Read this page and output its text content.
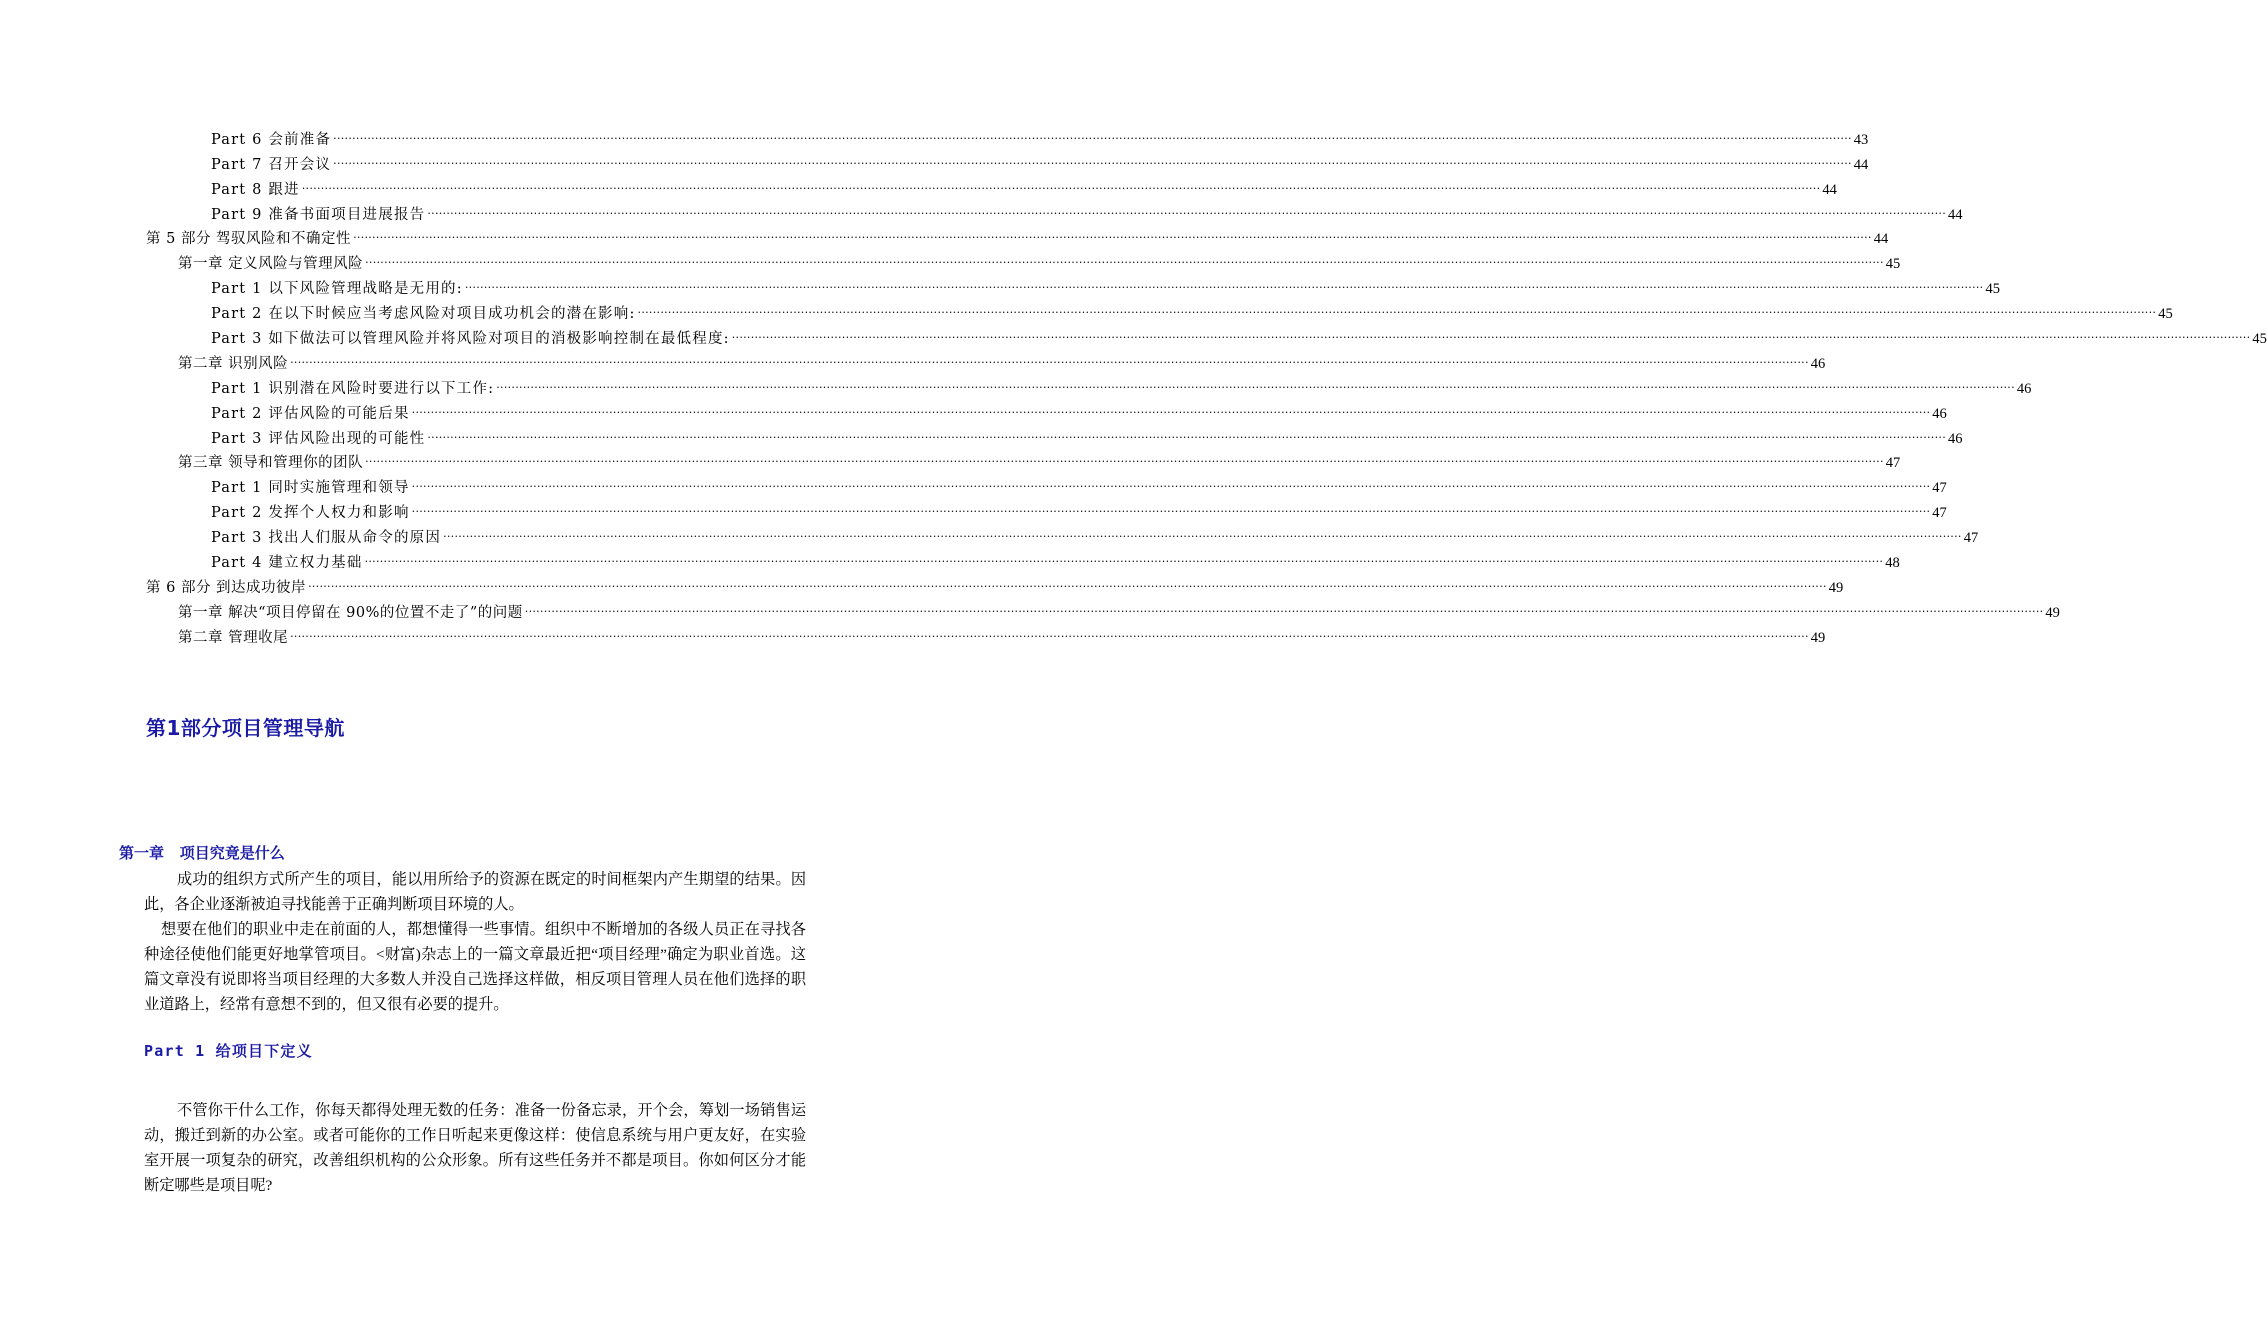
Part 6 会前准备 ................................................................................................................................................................................................................................................................................................................................................................................................................ 43
Part 7 召开会议 ................................................................................................................................................................................................................................................................................................................................................................................................................ 44
Part 8 跟进 ................................................................................................................................................................................................................................................................................................................................................................................................................ 44
Part 9 准备书面项目进展报告 ................................................................................................................................................................................................................................................................................................................................................................................................................ 44
第 5 部分 驾驭风险和不确定性 ................................................................................................................................................................................................................................................................................................................................................................................................................ 44
第一章 定义风险与管理风险 ................................................................................................................................................................................................................................................................................................................................................................................................................ 45
Part 1 以下风险管理战略是无用的: ................................................................................................................................................................................................................................................................................................................................................................................................................ 45
Part 2 在以下时候应当考虑风险对项目成功机会的潜在影响: ................................................................................................................................................................................................................................................................................................................................................................................................................ 45
Part 3 如下做法可以管理风险并将风险对项目的消极影响控制在最低程度: ................................................................................................................................................................................................................................................................................................................................................................................................................ 45
第二章 识别风险 ................................................................................................................................................................................................................................................................................................................................................................................................................ 46
Part 1 识别潜在风险时要进行以下工作: ................................................................................................................................................................................................................................................................................................................................................................................................................ 46
Part 2 评估风险的可能后果 ................................................................................................................................................................................................................................................................................................................................................................................................................ 46
Part 3 评估风险出现的可能性 ................................................................................................................................................................................................................................................................................................................................................................................................................ 46
第三章 领导和管理你的团队 ................................................................................................................................................................................................................................................................................................................................................................................................................ 47
Part 1 同时实施管理和领导 ................................................................................................................................................................................................................................................................................................................................................................................................................ 47
Part 2 发挥个人权力和影响 ................................................................................................................................................................................................................................................................................................................................................................................................................ 47
Part 3 找出人们服从命令的原因 ................................................................................................................................................................................................................................................................................................................................................................................................................ 47
Part 4 建立权力基础 ................................................................................................................................................................................................................................................................................................................................................................................................................ 48
第 6 部分 到达成功彼岸 ................................................................................................................................................................................................................................................................................................................................................................................................................ 49
第一章 解决“项目停留在 90%的位置不走了”的问题 ................................................................................................................................................................................................................................................................................................................................................................................................................ 49
第二章 管理收尾 ................................................................................................................................................................................................................................................................................................................................................................................................................ 49
第1部分项目管理导航
第一章 项目究竟是什么

成功的组织方式所产生的项目，能以用所给予的资源在既定的时间框架内产生期望的结果。因此，各企业逐渐被迫寻找能善于正确判断项目环境的人。

想要在他们的职业中走在前面的人，都想懂得一些事情。组织中不断增加的各级人员正在寻找各种途径使他们能更好地掌管项目。<财富)杂志上的一篇文章最近把“项目经理”确定为职业首选。这篇文章没有说即将当项目经理的大多数人并没自己选择这样做，相反项目管理人员在他们选择的职业道路上，经常有意想不到的，但又很有必要的提升。

Part 1 给项目下定义

不管你干什么工作，你每天都得处理无数的任务：准备一份备忘录，开个会，筹划一场销售运动，搬迁到新的办公室。或者可能你的工作日听起来更像这样：使信息系统与用户更友好，在实验室开展一项复杂的研究，改善组织机构的公众形象。所有这些任务并不都是项目。你如何区分才能断定哪些是项目呢?
